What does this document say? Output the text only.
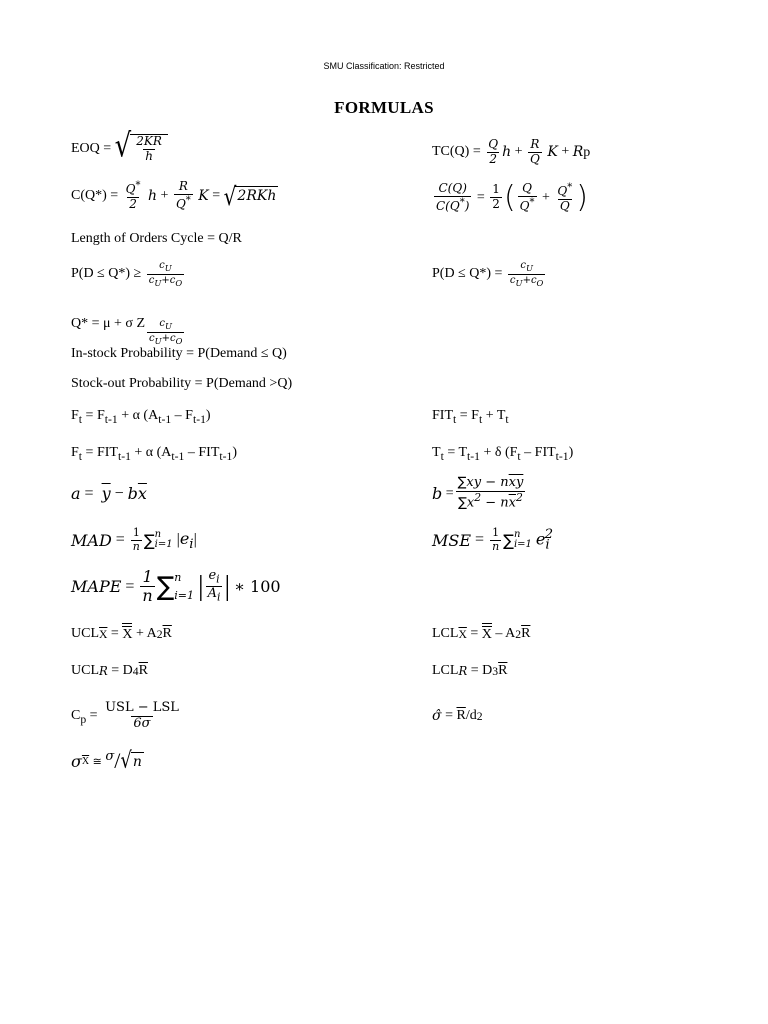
SMU Classification: Restricted
FORMULAS
EOQ =
√ $\frac{2KR}{h}$	TC(Q) =
$\frac{Q}{2}$ $h + \frac{R}{Q}$
K + Rp
C(Q*) =
$\frac{Q^*}{2}$
$h + \frac{R}{Q^*}$
K = √ 2RKh	$\frac{C(Q)}{C(Q^*)} = \frac{1}{2}$ ( $\frac{Q}{Q^*} + \frac{Q^*}{Q}$ )
Length of Orders Cycle = Q/R
P(D ≤ Q*) ≥
$\frac{c_U}{c_U+c_O}$	P(D ≤ Q*) =
$\frac{c_U}{c_U+c_O}$
Q* = μ + σ Z $\frac{c_U}{c_U+c_O}$
In-stock Probability = P(Demand ≤ Q)
Stock-out Probability = P(Demand >Q)
$F_t = F_{t-1} + \alpha$ $(A_{t-1} - F_{t-1})$	$FIT_t = F_t + T_t$
$F_t = FIT_{t-1} + \alpha$ $(A_{t-1} - FIT_{t-1})$	$T_t = T_{t-1} + \delta$ $(F_t - FIT_{t-1})$
$a = \overline{y} - b$ $\overline{x}$	$b = \frac{\sum xy - n\overline{x}\overline{y}}{\sum x^2 - n\overline{x}^2}$
MAD = $\frac{1}{n}$ ∑ n
i=1 | $e_i$ |	MSE = $\frac{1}{n}$ ∑ n
i=1
$e_i^2$
MAPE = $\frac{1}{n}$ ∑ n
i=1
| $\frac{e_i}{A_i}$ |
∗ 100
UCL $\overline{X} = X + A$ 2 $\overline{R}$	LCL $\overline{X} = X - A$ 2 $\overline{R}$
UCL R = D 4 $\overline{R}$	LCL R = D 3 $\overline{R}$
$C_p$ =
$\frac{\text{USL − LSL}}{6\sigma}$	σ̂ = $\overline{R}$ /d 2
σ $\overline{X}$
≅
σ / √ n
